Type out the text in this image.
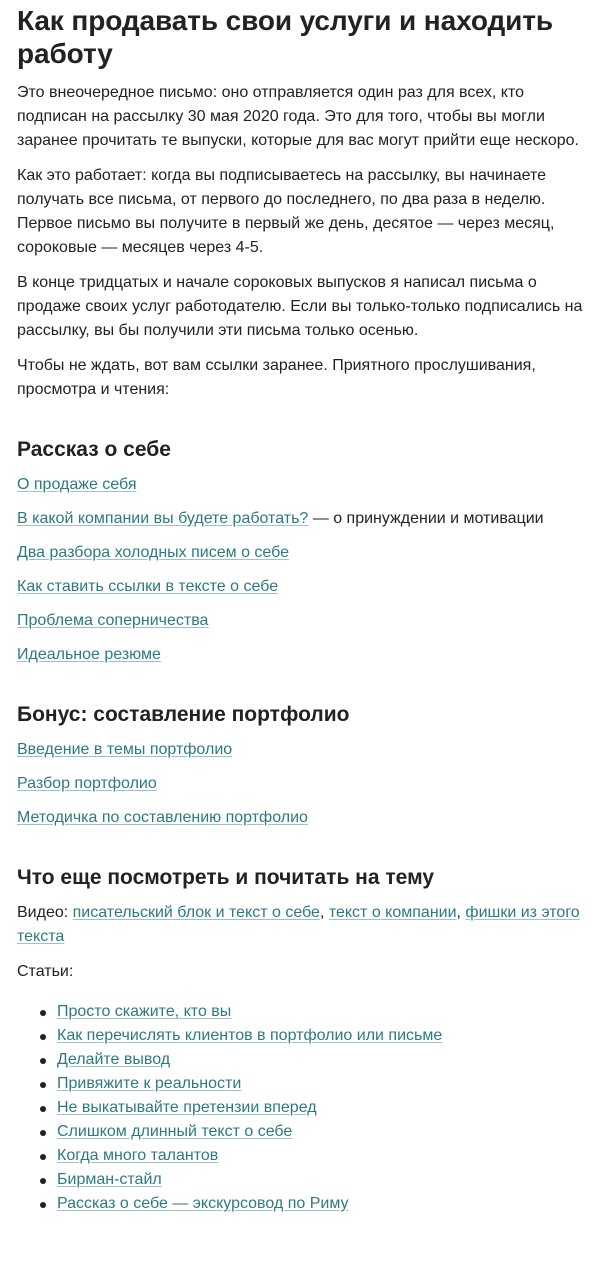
Как продавать свои услуги и находить работу

Это внеочередное письмо: оно отправляется один раз для всех, кто подписан на рассылку 30 мая 2020 года. Это для того, чтобы вы могли заранее прочитать те выпуски, которые для вас могут прийти еще нескоро.

Как это работает: когда вы подписываетесь на рассылку, вы начинаете получать все письма, от первого до последнего, по два раза в неделю. Первое письмо вы получите в первый же день, десятое — через месяц, сороковые — месяцев через 4-5.

В конце тридцатых и начале сороковых выпусков я написал письма о продаже своих услуг работодателю. Если вы только-только подписались на рассылку, вы бы получили эти письма только осенью.

Чтобы не ждать, вот вам ссылки заранее. Приятного прослушивания, просмотра и чтения:

Рассказ о себе
О продаже себя
В какой компании вы будете работать? — о принуждении и мотивации
Два разбора холодных писем о себе
Как ставить ссылки в тексте о себе
Проблема соперничества
Идеальное резюме
Бонус: составление портфолио
Введение в темы портфолио
Разбор портфолио
Методичка по составлению портфолио
Что еще посмотреть и почитать на тему
Видео: писательский блок и текст о себе, текст о компании, фишки из этого текста
Статьи:
Просто скажите, кто вы
Как перечислять клиентов в портфолио или письме
Делайте вывод
Привяжите к реальности
Не выкатывайте претензии вперед
Слишком длинный текст о себе
Когда много талантов
Бирман-стайл
Рассказ о себе — экскурсовод по Риму
